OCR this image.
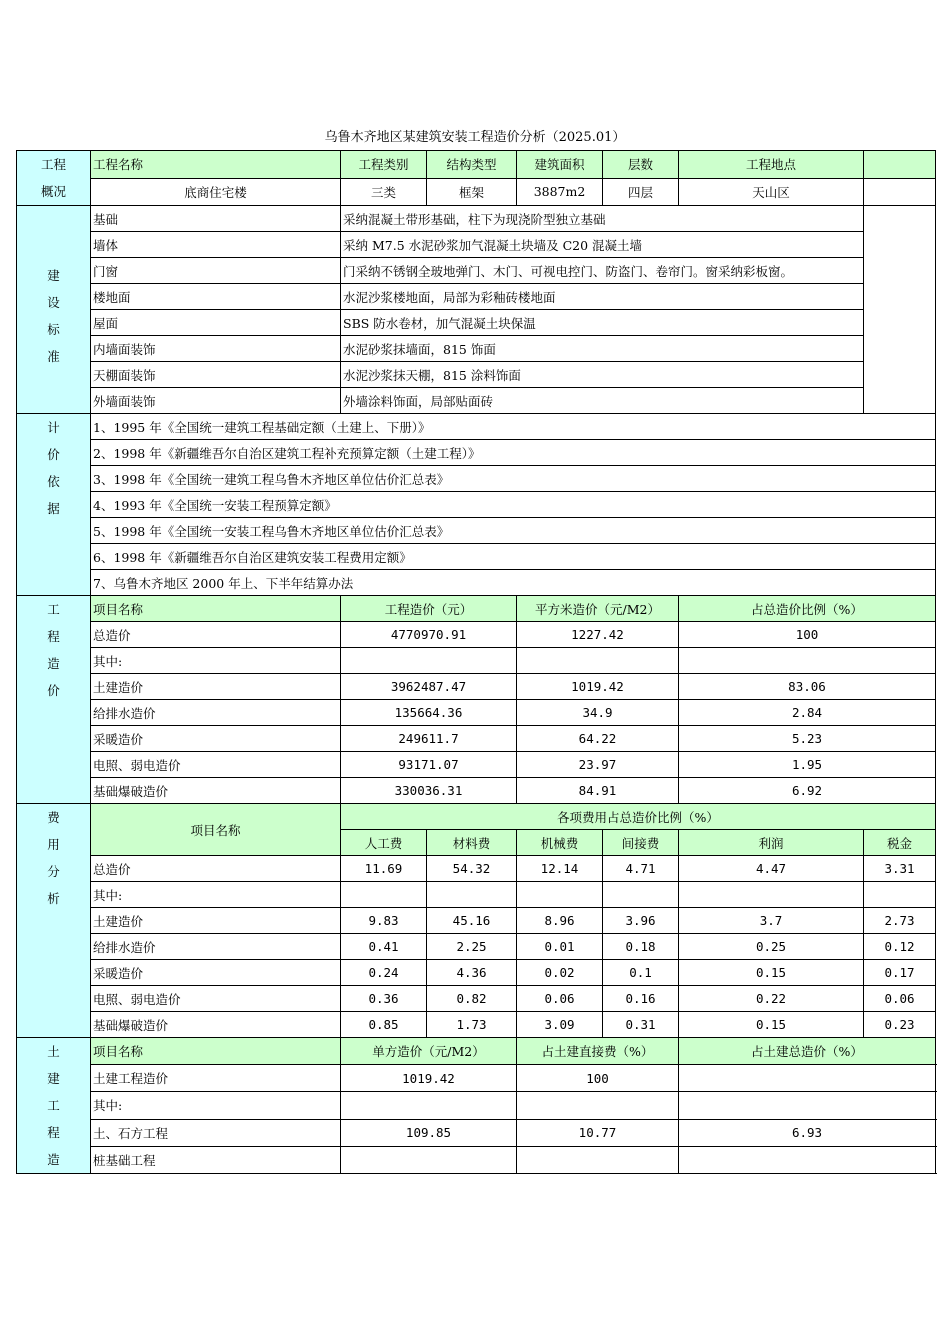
乌鲁木齐地区某建筑安装工程造价分析（2025.01）
工程
概况	工程名称	工程类别	结构类型	建筑面积	层数	工程地点		
	底商住宅楼	三类	框架	3887m2	四层	天山区		

建
设
标
准	基础	采纳混凝土带形基础，柱下为现浇阶型独立基础						
	墙体	采纳 M7.5 水泥砂浆加气混凝土块墙及 C20 混凝土墙						
	门窗	门采纳不锈钢全玻地弹门、木门、可视电控门、防盗门、卷帘门。窗采纳彩板窗。						
	楼地面	水泥沙浆楼地面，局部为彩釉砖楼地面						
	屋面	SBS 防水卷材，加气混凝土块保温						
	内墙面装饰	水泥砂浆抹墙面，815 饰面						
	天棚面装饰	水泥沙浆抹天棚，815 涂料饰面						
	外墙面装饰	外墙涂料饰面，局部贴面砖						

计
价
依
据	1、1995 年《全国统一建筑工程基础定额（土建上、下册）》							
	2、1998 年《新疆维吾尔自治区建筑工程补充预算定额（土建工程）》							
	3、1998 年《全国统一建筑工程乌鲁木齐地区单位估价汇总表》							
	4、1993 年《全国统一安装工程预算定额》							
	5、1998 年《全国统一安装工程乌鲁木齐地区单位估价汇总表》							
	6、1998 年《新疆维吾尔自治区建筑安装工程费用定额》							
	7、乌鲁木齐地区 2000 年上、下半年结算办法							

工
程
造
价	项目名称	工程造价（元）		平方米造价（元/M2）		占总造价比例（%）		
	总造价	4770970.91		1227.42		100		
	其中:							
	土建造价	3962487.47		1019.42		83.06		
	给排水造价	135664.36		34.9		2.84		
	采暖造价	249611.7		64.22		5.23		
	电照、弱电造价	93171.07		23.97		1.95		
	基础爆破造价	330036.31		84.91		6.92		

费
用
分
析	项目名称	各项费用占总造价比例（%）						
		人工费	材料费	机械费	间接费	利润	税金	
	总造价	11.69	54.32	12.14	4.71	4.47	3.31	
	其中:							
	土建造价	9.83	45.16	8.96	3.96	3.7	2.73	
	给排水造价	0.41	2.25	0.01	0.18	0.25	0.12	
	采暖造价	0.24	4.36	0.02	0.1	0.15	0.17	
	电照、弱电造价	0.36	0.82	0.06	0.16	0.22	0.06	
	基础爆破造价	0.85	1.73	3.09	0.31	0.15	0.23	

土
建
工
程
造	项目名称	单方造价（元/M2）		占土建直接费（%）		占土建总造价（%）		
	土建工程造价	1019.42		100				
	其中:							
	土、石方工程	109.85		10.77		6.93		
	桩基础工程							
